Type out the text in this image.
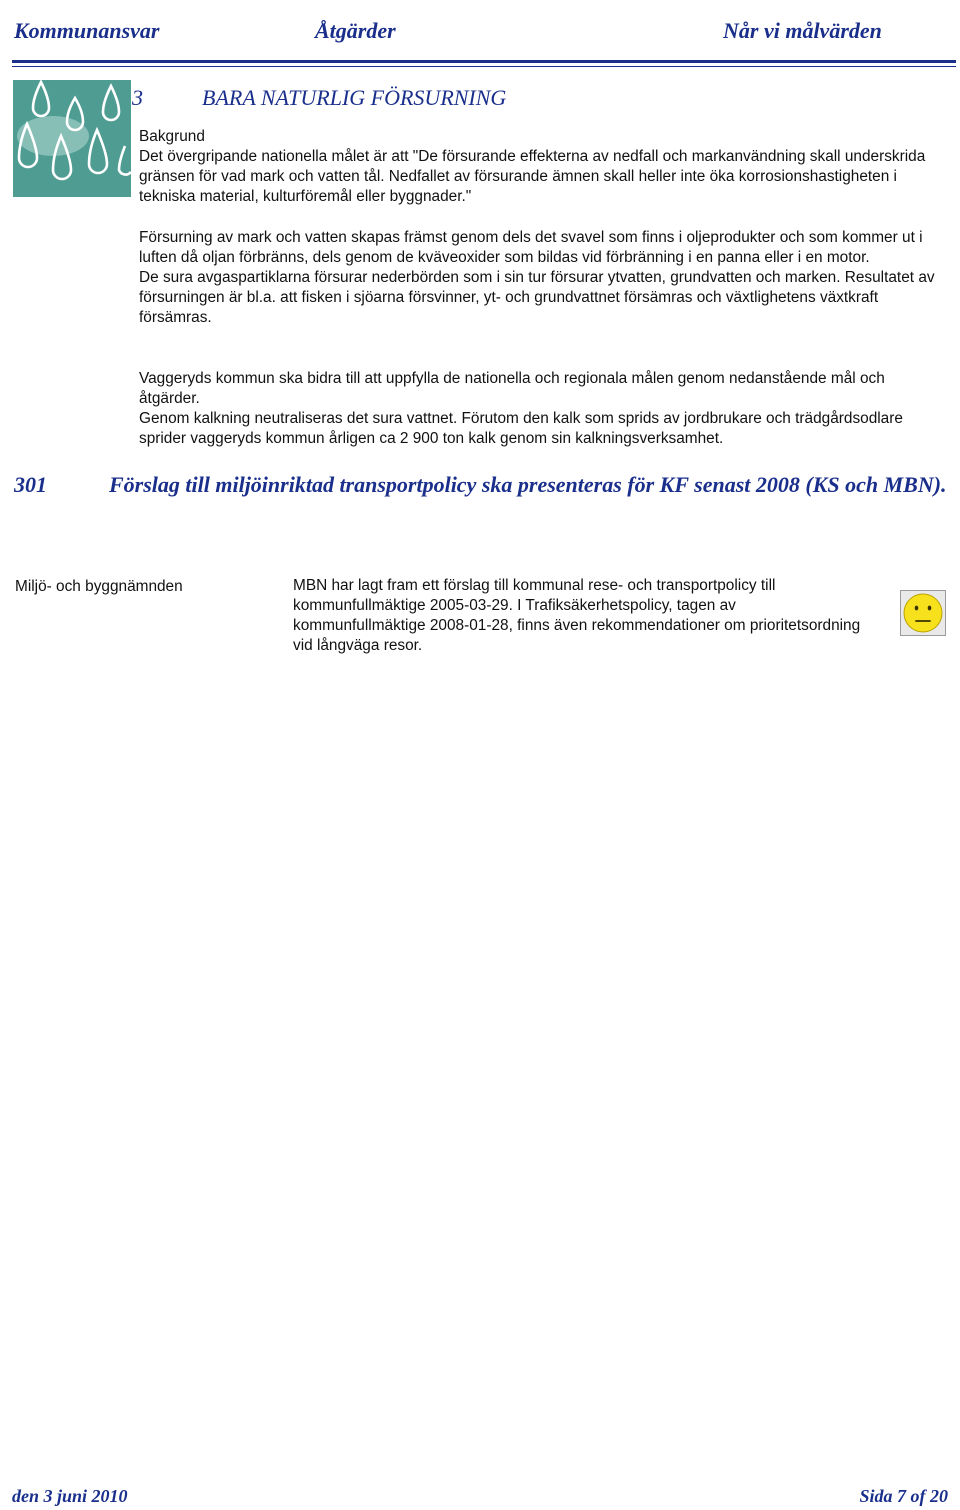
Kommunansvar	Åtgärder	Når vi målvärden
3	BARA NATURLIG FÖRSURNING

Bakgrund

Det övergripande nationella målet är att "De försurande effekterna av nedfall och markanvändning skall underskrida gränsen för vad mark och vatten tål. Nedfallet av försurande ämnen skall heller inte öka korrosionshastigheten i tekniska material, kulturföremål eller byggnader."

Försurning av mark och vatten skapas främst genom dels det svavel som finns i oljeprodukter och som kommer ut i luften då oljan förbränns, dels genom de kväveoxider som bildas vid förbränning i en panna eller i en motor.

De sura avgaspartiklarna försurar nederbörden som i sin tur försurar ytvatten, grundvatten och marken. Resultatet av försurningen är bl.a. att fisken i sjöarna försvinner, yt- och grundvattnet försämras och växtlighetens växtkraft försämras.

Vaggeryds kommun ska bidra till att uppfylla de nationella och regionala målen genom nedanstående mål och åtgärder.

Genom kalkning neutraliseras det sura vattnet. Förutom den kalk som sprids av jordbrukare och trädgårdsodlare sprider vaggeryds kommun årligen ca 2 900 ton kalk genom sin kalkningsverksamhet.

301	Förslag till miljöinriktad transportpolicy ska presenteras för KF senast 2008 (KS och MBN).
Miljö- och byggnämnden	MBN har lagt fram ett förslag till kommunal rese- och transportpolicy till kommunfullmäktige 2005-03-29. I Trafiksäkerhetspolicy, tagen av kommunfullmäktige 2008-01-28, finns även rekommendationer om prioritetsordning vid långväga resor.
den 3 juni 2010	Sida 7 of 20
